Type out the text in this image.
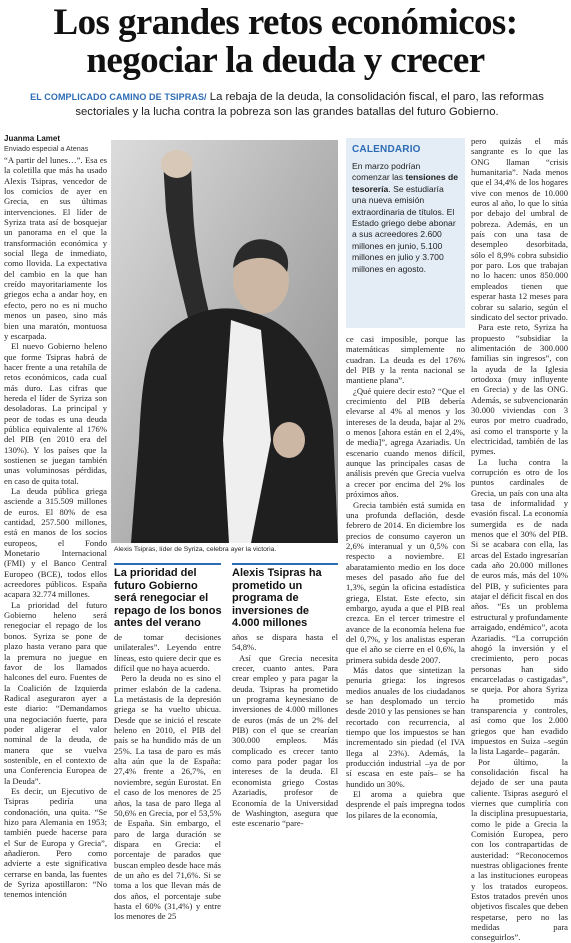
Los grandes retos económicos:
negociar la deuda y crecer
EL COMPLICADO CAMINO DE TSIPRAS/ La rebaja de la deuda, la consolidación fiscal, el paro, las reformas sectoriales y la lucha contra la pobreza son las grandes batallas del futuro Gobierno.
Juanma Lamet
Enviado especial a Atenas

“A partir del lunes…”. Esa es la coletilla que más ha usado Alexis Tsipras, vencedor de los comicios de ayer en Grecia, en sus últimas intervenciones. El líder de Syriza trata así de bosquejar un panorama en el que la transformación económica y social llega de inmediato, como llovida. La expectativa del cambio en la que han creído mayoritariamente los griegos echa a andar hoy, en efecto, pero no es ni mucho menos un paseo, sino más bien una maratón, montuosa y escarpada.

El nuevo Gobierno heleno que forme Tsipras habrá de hacer frente a una retahíla de retos económicos, cada cual más duro. Las cifras que hereda el líder de Syriza son desoladoras. La principal y peor de todas es una deuda pública equivalente al 176% del PIB (en 2010 era del 130%). Y los países que la sostienen se juegan también unas voluminosas pérdidas, en caso de quita total.

La deuda pública griega asciende a 315.509 millones de euros. El 80% de esa cantidad, 257.500 millones, está en manos de los socios europeos, el Fondo Monetario Internacional (FMI) y el Banco Central Europeo (BCE), todos ellos acreedores públicos. España acapara 32.774 millones.

La prioridad del futuro Gobierno heleno será renegociar el repago de los bonos. Syriza se pone de plazo hasta verano para que la premura no juegue en favor de los llamados halcones del euro. Fuentes de la Coalición de Izquierda Radical aseguraron ayer a este diario: “Demandamos una negociación fuerte, para poder aligerar el valor nominal de la deuda, de manera que se vuelva sostenible, en el contexto de una Conferencia Europea de la Deuda”.

Es decir, un Ejecutivo de Tsipras pediría una condonación, una quita. “Se hizo para Alemania en 1953; también puede hacerse para el Sur de Europa y Grecia”, añadieron. Pero como advierte a este significativa cerrarse en banda, las fuentes de Syriza apostillaron: “No tenemos intención

Alexis Tsipras, líder de Syriza, celebra ayer la victoria.
La prioridad del futuro Gobierno será renegociar el repago de los bonos antes del verano
Alexis Tsipras ha prometido un programa de inversiones de 4.000 millones

de tomar decisiones unilaterales”. Leyendo entre líneas, esto quiere decir que es difícil que no haya acuerdo.

Pero la deuda no es sino el primer eslabón de la cadena. La metástasis de la depresión griega se ha vuelto ubicua. Desde que se inició el rescate heleno en 2010, el PIB del país se ha hundido más de un 25%. La tasa de paro es más alta aún que la de España: 27,4% frente a 26,7%, en noviembre, según Eurostat. En el caso de los menores de 25 años, la tasa de paro llega al 50,6% en Grecia, por el 53,5% de España. Sin embargo, el paro de larga duración se dispara en Grecia: el porcentaje de parados que buscan empleo desde hace más de un año es del 71,6%. Si se toma a los que llevan más de dos años, el porcentaje sube hasta el 60% (31,4%) y entre los menores de 25

años se dispara hasta el 54,8%.

Así que Grecia necesita crecer, cuanto antes. Para crear empleo y para pagar la deuda. Tsipras ha prometido un programa keynesiano de inversiones de 4.000 millones de euros (más de un 2% del PIB) con el que se crearían 300.000 empleos. Más complicado es crecer tanto como para poder pagar los intereses de la deuda. El economista griego Costas Azariadis, profesor de Economía de la Universidad de Washington, asegura que este escenario “pare-

CALENDARIO
En marzo podrían comenzar las tensiones de tesorería. Se estudiaría una nueva emisión extraordinaria de títulos. El Estado griego debe abonar a sus acreedores 2.600 millones en junio, 5.100 millones en julio y 3.700 millones en agosto.

ce casi imposible, porque las matemáticas simplemente no cuadran. La deuda es del 176% del PIB y la renta nacional se mantiene plana”.

¿Qué quiere decir esto? “Que el crecimiento del PIB debería elevarse al 4% al menos y los intereses de la deuda, bajar al 2% o menos [ahora están en el 2,4%, de media]”, agrega Azariadis. Un escenario cuando menos difícil, aunque las principales casas de análisis prevén que Grecia vuelva a crecer por encima del 2% los próximos años.

Grecia también está sumida en una profunda deflación, desde febrero de 2014. En diciembre los precios de consumo cayeron un 2,6% interanual y un 0,5% con respecto a noviembre. El abaratamiento medio en los doce meses del pasado año fue del 1,3%, según la oficina estadística griega, Elstat. Este efecto, sin embargo, ayuda a que el PIB real crezca. En el tercer trimestre el avance de la economía helena fue del 0,7%, y los analistas esperan que el año se cierre en el 0,6%, la primera subida desde 2007.

Más datos que sintetizan la penuria griega: los ingresos medios anuales de los ciudadanos se han desplomado un tercio desde 2010 y las pensiones se han recortado con recurrencia, al tiempo que los impuestos se han incrementado sin piedad (el IVA llega al 23%). Además, la producción industrial –ya de por sí escasa en este país– se ha hundido un 30%.

El aroma a quiebra que desprende el país impregna todos los pilares de la economía,

pero quizás el más sangrante es lo que las ONG llaman “crisis humanitaria”. Nada menos que el 34,4% de los hogares vive con menos de 10.000 euros al año, lo que lo sitúa por debajo del umbral de pobreza. Además, en un país con una tasa de desempleo desorbitada, sólo el 8,9% cobra subsidio por paro. Los que trabajan no lo hacen: unos 850.000 empleados tienen que esperar hasta 12 meses para cobrar su salario, según el sindicato del sector privado.

Para este reto, Syriza ha propuesto “subsidiar la alimentación de 300.000 familias sin ingresos”, con la ayuda de la Iglesia ortodoxa (muy influyente en Grecia) y de las ONG. Además, se subvencionarán 30.000 viviendas con 3 euros por metro cuadrado, así como el transporte y la electricidad, también de las pymes.

La lucha contra la corrupción es otro de los puntos cardinales de Grecia, un país con una alta tasa de informalidad y evasión fiscal. La economía sumergida es de nada menos que el 30% del PIB. Si se acabara con ella, las arcas del Estado ingresarían cada año 20.000 millones de euros más, más del 10% del PIB, y suficientes para atajar el déficit fiscal en dos años. “Es un problema estructural y profundamente arraigado, endémico”, acota Azariadis. “La corrupción ahogó la inversión y el crecimiento, pero pocas personas han sido encarceladas o castigadas”, se queja. Por ahora Syriza ha prometido más transparencia y controles, así como que los 2.000 griegos que han evadido impuestos en Suiza –según la lista Lagarde– pagarán.

Por último, la consolidación fiscal ha dejado de ser una pauta caliente. Tsipras aseguró el viernes que cumpliría con la disciplina presupuestaria, como le pide a Grecia la Comisión Europea, pero con los contrapartidas de austeridad: “Reconocemos nuestras obligaciones frente a las instituciones europeas y los tratados europeos. Estos tratados prevén unos objetivos fiscales que deben respetarse, pero no las medidas para conseguirlos”.
